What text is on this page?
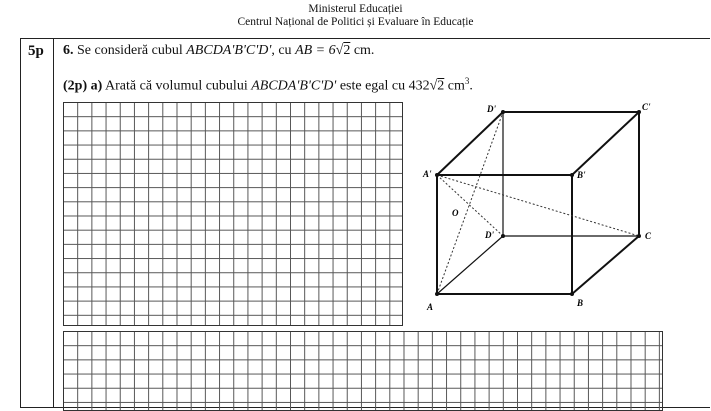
Ministerul Educației
Centrul Național de Politici și Evaluare în Educație
5p 6. Se consideră cubul ABCDA'B'C'D', cu AB = 6√2 cm.
(2p) a) Arată că volumul cubului ABCDA'B'C'D' este egal cu 432√2 $cm^3$.
D'	C'
A'	B'
O
D'	C
A	B
